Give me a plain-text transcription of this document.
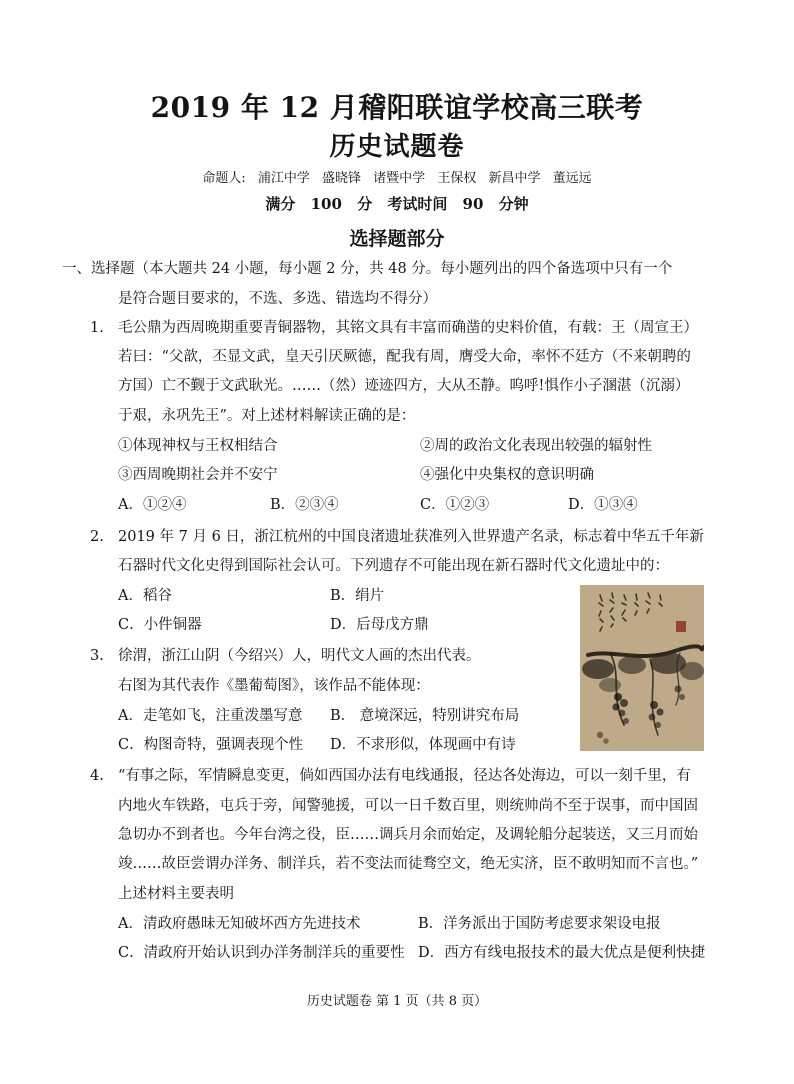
2019 年 12 月稽阳联谊学校高三联考
历史试题卷
命题人: 浦江中学 盛晓锋 诸暨中学 王保权 新昌中学 董远远
满分 100 分 考试时间 90 分钟
选择题部分
一、选择题（本大题共 24 小题，每小题 2 分，共 48 分。每小题列出的四个备选项中只有一个
是符合题目要求的，不选、多选、错选均不得分）
1. 毛公鼎为西周晚期重要青铜器物，其铭文具有丰富而确凿的史料价值，有载：王（周宣王）
若曰：“父歆，丕显文武，皇天引厌厥德，配我有周，膺受大命，率怀不廷方（不来朝聘的
方国）亡不觐于文武耿光。……（然）迹迹四方，大从丕静。呜呼!惧作小子溷湛（沉溺）
于艰，永巩先王”。对上述材料解读正确的是：
①体现神权与王权相结合	②周的政治文化表现出较强的辐射性
③西周晚期社会并不安宁	④强化中央集权的意识明确
A．①②④	B．②③④	C．①②③	D．①③④
2. 2019 年 7 月 6 日，浙江杭州的中国良渚遗址获准列入世界遗产名录，标志着中华五千年新
石器时代文化史得到国际社会认可。下列遗存不可能出现在新石器时代文化遗址中的：
A．稻谷	B．绢片
C．小件铜器	D．后母戊方鼎
3. 徐渭，浙江山阴（今绍兴）人，明代文人画的杰出代表。
右图为其代表作《墨葡萄图》，该作品不能体现：
A．走笔如飞，注重泼墨写意 B． 意境深远，特别讲究布局
C．构图奇特，强调表现个性 D．不求形似，体现画中有诗
4. “有事之际，军情瞬息变更，倘如西国办法有电线通报，径达各处海边，可以一刻千里，有
内地火车铁路，屯兵于旁，闻警驰援，可以一日千数百里，则统帅尚不至于误事，而中国固
急切办不到者也。今年台湾之役，臣……调兵月余而始定，及调轮船分起装送，又三月而始
竣……故臣尝谓办洋务、制洋兵，若不变法而徒骛空文，绝无实济，臣不敢明知而不言也。”
上述材料主要表明
A．清政府愚昧无知破坏西方先进技术	B．洋务派出于国防考虑要求架设电报
C．清政府开始认识到办洋务制洋兵的重要性 D．西方有线电报技术的最大优点是便利快捷
历史试题卷 第 1 页（共 8 页）
